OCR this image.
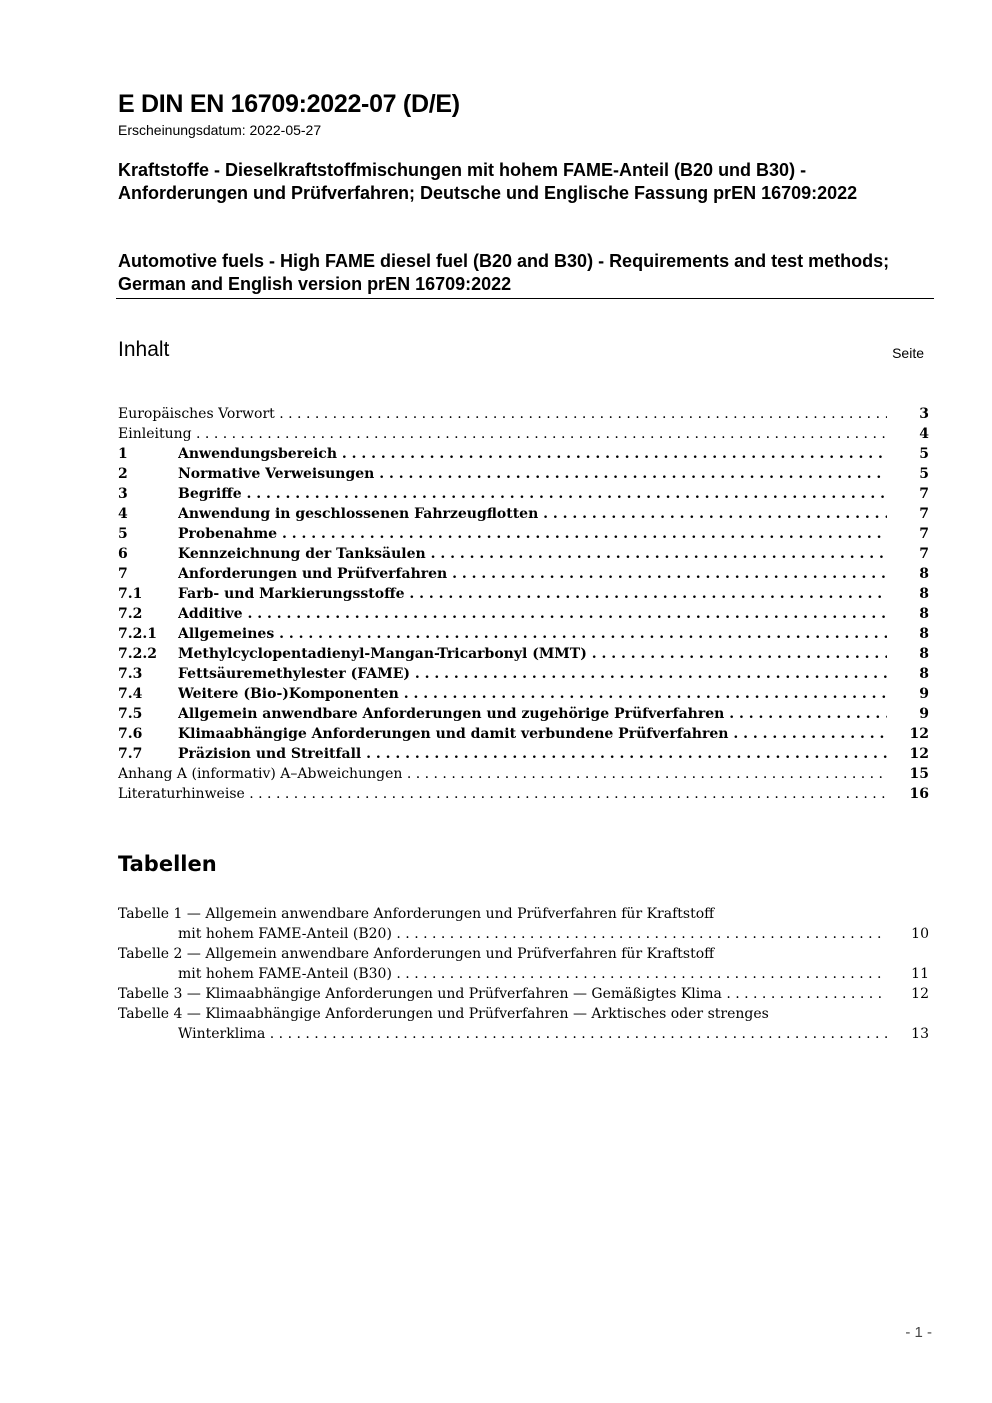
E DIN EN 16709:2022-07 (D/E)
Erscheinungsdatum: 2022-05-27
Kraftstoffe - Dieselkraftstoffmischungen mit hohem FAME-Anteil (B20 und B30) - Anforderungen und Prüfverfahren; Deutsche und Englische Fassung prEN 16709:2022
Automotive fuels - High FAME diesel fuel (B20 and B30) - Requirements and test methods; German and English version prEN 16709:2022
Inhalt	Seite
Europäisches Vorwort . . .	3
Einleitung . . .	4
1	Anwendungsbereich . . .	5
2	Normative Verweisungen . . .	5
3	Begriffe . . .	7
4	Anwendung in geschlossenen Fahrzeugflotten . . .	7
5	Probenahme . . .	7
6	Kennzeichnung der Tanksäulen . . .	7
7	Anforderungen und Prüfverfahren . . .	8
7.1	Farb- und Markierungsstoffe . . .	8
7.2	Additive . . .	8
7.2.1 Allgemeines . . .	8
7.2.2 Methylcyclopentadienyl-Mangan-Tricarbonyl (MMT) . . .	8
7.3	Fettsäuremethylester (FAME) . . .	8
7.4	Weitere (Bio-)Komponenten . . .	9
7.5	Allgemein anwendbare Anforderungen und zugehörige Prüfverfahren . . .	9
7.6	Klimaabhängige Anforderungen und damit verbundene Prüfverfahren . . .	12
7.7	Präzision und Streitfall . . .	12
Anhang A (informativ) A–Abweichungen . . .	15
Literaturhinweise . . .	16
Tabellen
Tabelle 1 — Allgemein anwendbare Anforderungen und Prüfverfahren für Kraftstoff
mit hohem FAME-Anteil (B20) . . .	10
Tabelle 2 — Allgemein anwendbare Anforderungen und Prüfverfahren für Kraftstoff
mit hohem FAME-Anteil (B30) . . .	11
Tabelle 3 — Klimaabhängige Anforderungen und Prüfverfahren — Gemäßigtes Klima . . .	12
Tabelle 4 — Klimaabhängige Anforderungen und Prüfverfahren — Arktisches oder strenges
Winterklima . . .	13
- 1 -
